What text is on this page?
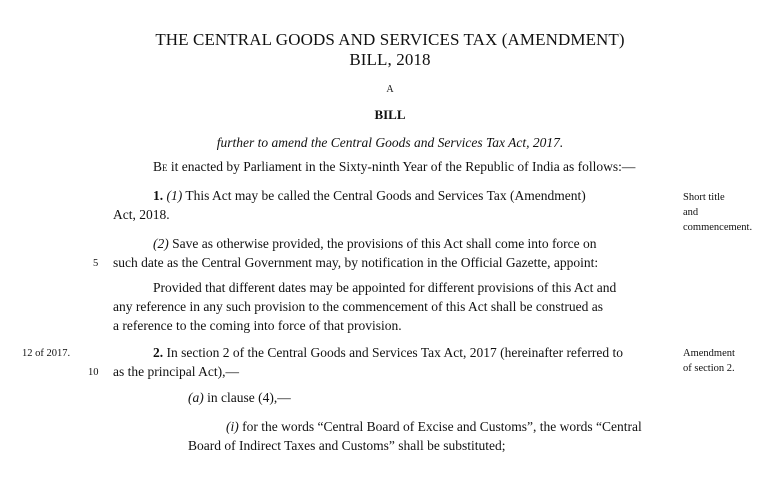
THE CENTRAL GOODS AND SERVICES TAX (AMENDMENT)
BILL, 2018
A
BILL
further to amend the Central Goods and Services Tax Act, 2017.
Be it enacted by Parliament in the Sixty-ninth Year of the Republic of India as follows:—
1. (1) This Act may be called the Central Goods and Services Tax (Amendment)
Act, 2018.
Short title
and
commencement.
(2) Save as otherwise provided, the provisions of this Act shall come into force on
5 such date as the Central Government may, by notification in the Official Gazette, appoint:
Provided that different dates may be appointed for different provisions of this Act and
any reference in any such provision to the commencement of this Act shall be construed as
a reference to the coming into force of that provision.
12 of 2017.	2. In section 2 of the Central Goods and Services Tax Act, 2017 (hereinafter referred to
10 as the principal Act),—
Amendment
of section 2.
(a) in clause (4),—
(i) for the words “Central Board of Excise and Customs”, the words “Central
Board of Indirect Taxes and Customs” shall be substituted;
